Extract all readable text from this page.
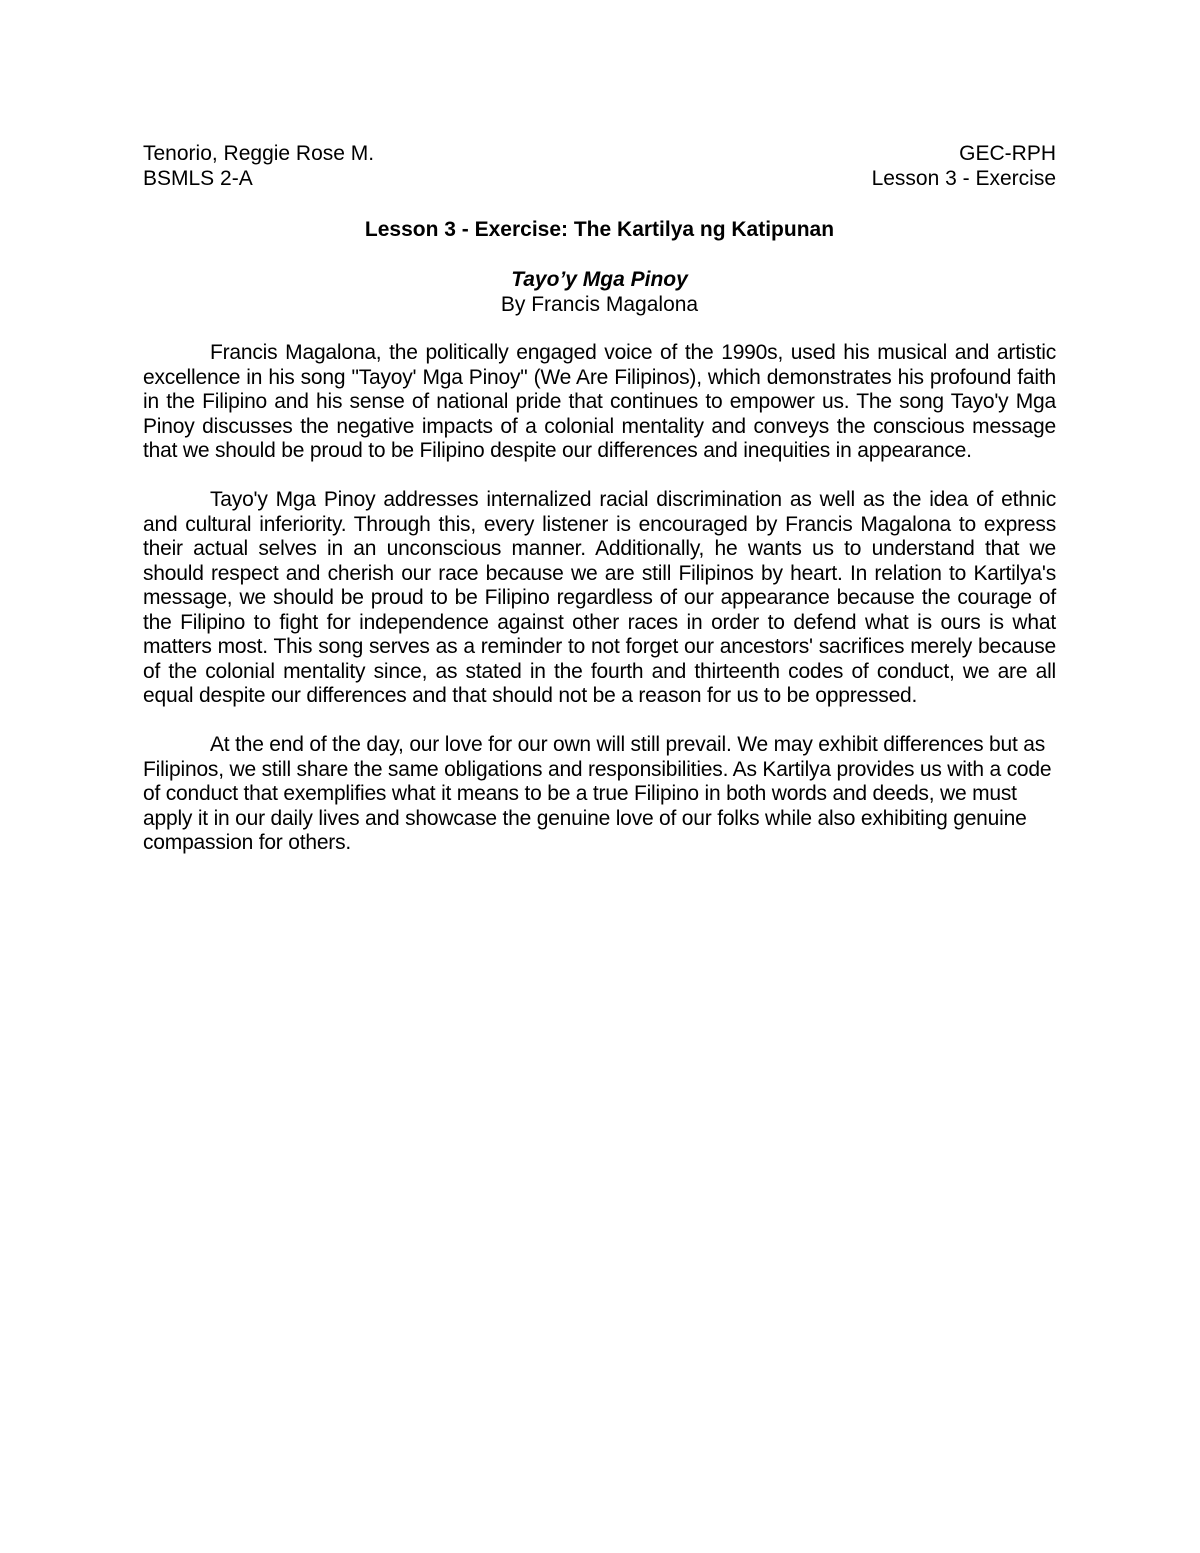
Tenorio, Reggie Rose M.	GEC-RPH
BSMLS 2-A	Lesson 3 - Exercise
Lesson 3 - Exercise: The Kartilya ng Katipunan
Tayo’y Mga Pinoy
By Francis Magalona

Francis Magalona, the politically engaged voice of the 1990s, used his musical and artistic excellence in his song "Tayoy' Mga Pinoy" (We Are Filipinos), which demonstrates his profound faith in the Filipino and his sense of national pride that continues to empower us. The song Tayo'y Mga Pinoy discusses the negative impacts of a colonial mentality and conveys the conscious message that we should be proud to be Filipino despite our differences and inequities in appearance.

Tayo'y Mga Pinoy addresses internalized racial discrimination as well as the idea of ethnic and cultural inferiority. Through this, every listener is encouraged by Francis Magalona to express their actual selves in an unconscious manner. Additionally, he wants us to understand that we should respect and cherish our race because we are still Filipinos by heart. In relation to Kartilya's message, we should be proud to be Filipino regardless of our appearance because the courage of the Filipino to fight for independence against other races in order to defend what is ours is what matters most. This song serves as a reminder to not forget our ancestors' sacrifices merely because of the colonial mentality since, as stated in the fourth and thirteenth codes of conduct, we are all equal despite our differences and that should not be a reason for us to be oppressed.

At the end of the day, our love for our own will still prevail. We may exhibit differences but as Filipinos, we still share the same obligations and responsibilities. As Kartilya provides us with a code of conduct that exemplifies what it means to be a true Filipino in both words and deeds, we must apply it in our daily lives and showcase the genuine love of our folks while also exhibiting genuine compassion for others.
